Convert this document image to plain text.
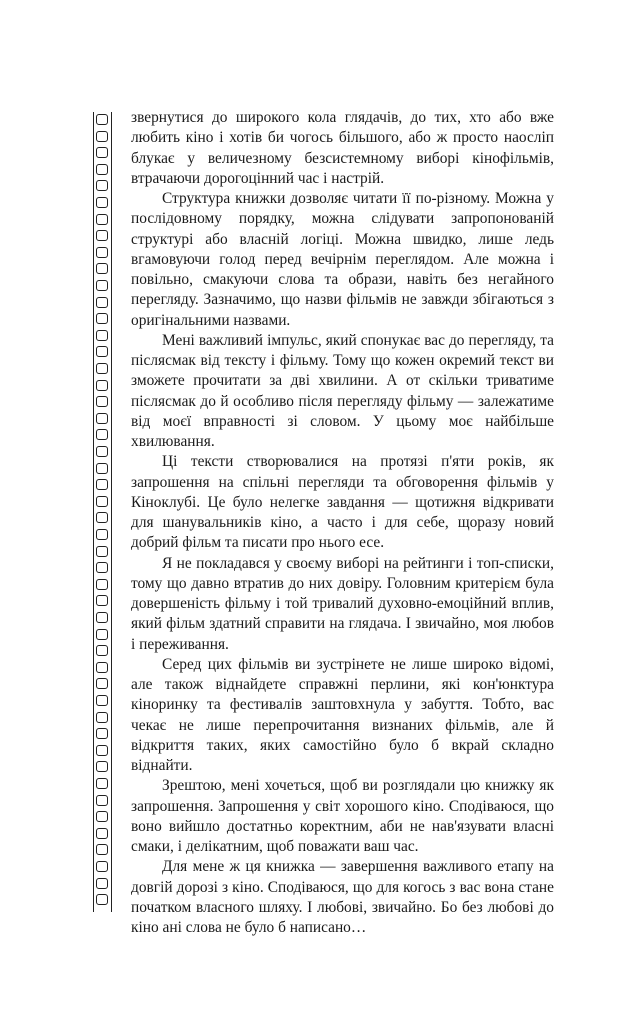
звернутися до широкого кола глядачів, до тих, хто або вже любить кіно і хотів би чогось більшого, або ж просто наосліп блукає у величезному безсистемному виборі кінофільмів, втрачаючи дорогоцінний час і настрій.

Структура книжки дозволяє читати її по-різному. Можна у послідовному порядку, можна слідувати запропонованій структурі або власній логіці. Можна швидко, лише ледь вгамовуючи голод перед вечірнім переглядом. Але можна і повільно, смакуючи слова та образи, навіть без негайного перегляду. Зазначимо, що назви фільмів не завжди збігаються з оригінальними назвами.

Мені важливий імпульс, який спонукає вас до перегляду, та післясмак від тексту і фільму. Тому що кожен окремий текст ви зможете прочитати за дві хвилини. А от скільки триватиме післясмак до й особливо після перегляду фільму — залежатиме від моєї вправності зі словом. У цьому моє найбільше хвилювання.

Ці тексти створювалися на протязі п'яти років, як запрошення на спільні перегляди та обговорення фільмів у Кіноклубі. Це було нелегке завдання — щотижня відкривати для шанувальників кіно, а часто і для себе, щоразу новий добрий фільм та писати про нього есе.

Я не покладався у своєму виборі на рейтинги і топ-списки, тому що давно втратив до них довіру. Головним критерієм була довершеність фільму і той тривалий духовно-емоційний вплив, який фільм здатний справити на глядача. І звичайно, моя любов і переживання.

Серед цих фільмів ви зустрінете не лише широко відомі, але також віднайдете справжні перлини, які кон'юнктура кіноринку та фестивалів заштовхнула у забуття. Тобто, вас чекає не лише перепрочитання визнаних фільмів, але й відкриття таких, яких самостійно було б вкрай складно віднайти.

Зрештою, мені хочеться, щоб ви розглядали цю книжку як запрошення. Запрошення у світ хорошого кіно. Сподіваюся, що воно вийшло достатньо коректним, аби не нав'язувати власні смаки, і делікатним, щоб поважати ваш час.

Для мене ж ця книжка — завершення важливого етапу на довгій дорозі з кіно. Сподіваюся, що для когось з вас вона стане початком власного шляху. І любові, звичайно. Бо без любові до кіно ані слова не було б написано…
